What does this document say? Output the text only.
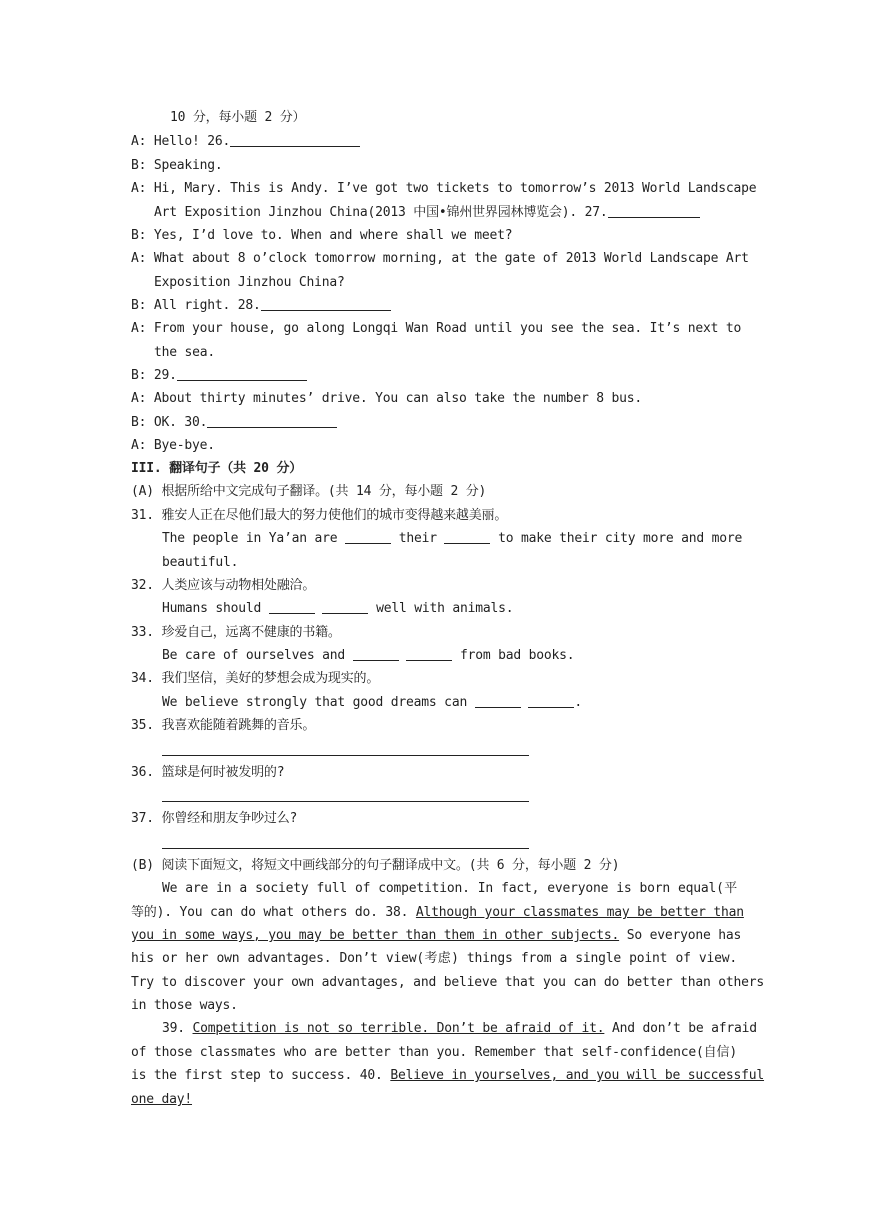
10 分，每小题 2 分）
A: Hello! 26.
B: Speaking.
A: Hi, Mary. This is Andy. I’ve got two tickets to tomorrow’s 2013 World Landscape
Art Exposition Jinzhou China(2013 中国•锦州世界园林博览会). 27.
B: Yes, I’d love to. When and where shall we meet?
A: What about 8 o’clock tomorrow morning, at the gate of 2013 World Landscape Art
Exposition Jinzhou China?
B: All right. 28.
A: From your house, go along Longqi Wan Road until you see the sea. It’s next to
the sea.
B: 29.
A: About thirty minutes’ drive. You can also take the number 8 bus.
B: OK. 30.
A: Bye-bye.
III. 翻译句子（共 20 分）
(A) 根据所给中文完成句子翻译。(共 14 分，每小题 2 分)
31. 雅安人正在尽他们最大的努力使他们的城市变得越来越美丽。
The people in Ya’an are	their	to make their city more and more
beautiful.
32. 人类应该与动物相处融洽。
Humans should	well with animals.
33. 珍爱自己，远离不健康的书籍。
Be care of ourselves and	from bad books.
34. 我们坚信，美好的梦想会成为现实的。
We believe strongly that good dreams can	.
35. 我喜欢能随着跳舞的音乐。
36. 篮球是何时被发明的?
37. 你曾经和朋友争吵过么?
(B) 阅读下面短文，将短文中画线部分的句子翻译成中文。(共 6 分，每小题 2 分)
We are in a society full of competition. In fact, everyone is born equal(平
等的). You can do what others do. 38. Although your classmates may be better than
you in some ways, you may be better than them in other subjects. So everyone has
his or her own advantages. Don’t view(考虑) things from a single point of view.
Try to discover your own advantages, and believe that you can do better than others
in those ways.
39. Competition is not so terrible. Don’t be afraid of it. And don’t be afraid
of those classmates who are better than you. Remember that self-confidence(自信)
is the first step to success. 40. Believe in yourselves, and you will be successful
one day!
